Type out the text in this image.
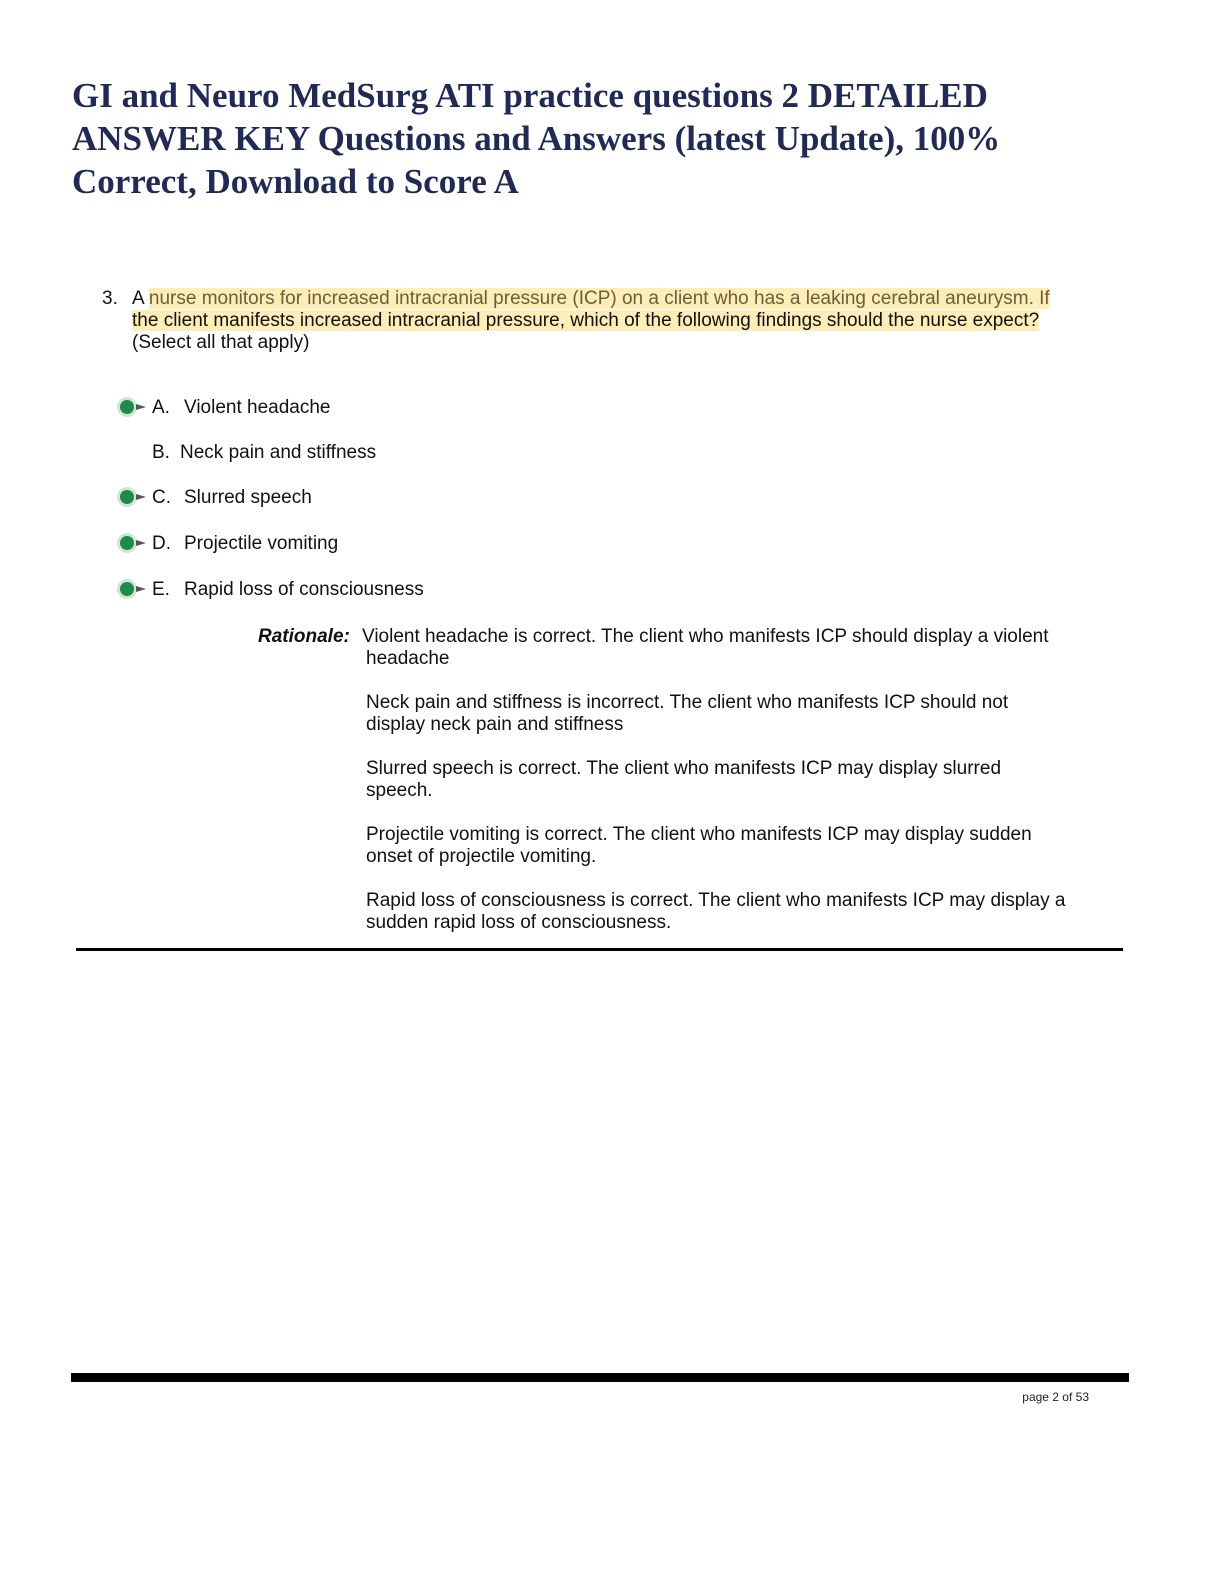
GI and Neuro MedSurg ATI practice questions 2 DETAILED ANSWER KEY Questions and Answers (latest Update), 100% Correct, Download to Score A
3. A nurse monitors for increased intracranial pressure (ICP) on a client who has a leaking cerebral aneurysm. If
the client manifests increased intracranial pressure, which of the following findings should the nurse expect?
(Select all that apply)
A. Violent headache
B. Neck pain and stiffness
C. Slurred speech
D. Projectile vomiting
E. Rapid loss of consciousness
Rationale: Violent headache is correct. The client who manifests ICP should display a violent
headache
Neck pain and stiffness is incorrect. The client who manifests ICP should not
display neck pain and stiffness
Slurred speech is correct. The client who manifests ICP may display slurred
speech.
Projectile vomiting is correct. The client who manifests ICP may display sudden
onset of projectile vomiting.
Rapid loss of consciousness is correct. The client who manifests ICP may display a
sudden rapid loss of consciousness.
page 2 of 53
